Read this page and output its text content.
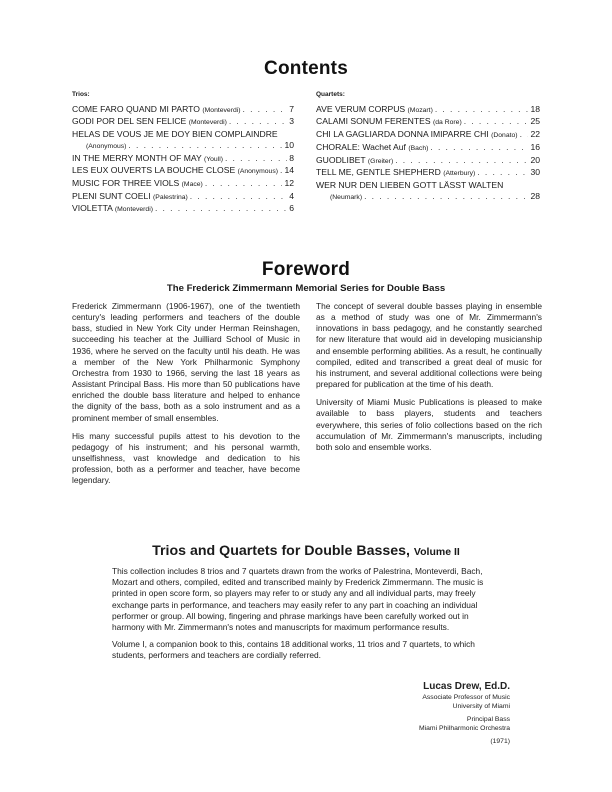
Contents
Trios:
COME FARO QUAND MI PARTO (Monteverdi) . . .	7
GODI POR DEL SEN FELICE (Monteverdi) . . .	3
HELAS DE VOUS JE ME DOY BIEN COMPLAINDRE
(Anonymous) . . .	10
IN THE MERRY MONTH OF MAY (Youll) . . .	8
LES EUX OUVERTS LA BOUCHE CLOSE (Anonymous) . . . 14
MUSIC FOR THREE VIOLS (Mace) . . .	12
PLENI SUNT COELI (Palestrina) . . .	4
VIOLETTA (Monteverdi) . . .	6
Quartets:
AVE VERUM CORPUS (Mozart) . . .	18
CALAMI SONUM FERENTES (da Rore) . . .	25
CHI LA GAGLIARDA DONNA IMIPARRE CHI (Donato) . . . 22
CHORALE: Wachet Auf (Bach) . . .	16
GUODLIBET (Greiter) . . .	20
TELL ME, GENTLE SHEPHERD (Atterbury) . . .	30
WER NUR DEN LIEBEN GOTT LÄSST WALTEN
(Neumark) . . .	28
Foreword
The Frederick Zimmermann Memorial Series for Double Bass

Frederick Zimmermann (1906-1967), one of the twentieth century's leading performers and teachers of the double bass, studied in New York City under Herman Reinshagen, succeeding his teacher at the Juilliard School of Music in 1936, where he served on the faculty until his death. He was a member of the New York Philharmonic Symphony Orchestra from 1930 to 1966, serving the last 18 years as Assistant Principal Bass. His more than 50 publications have enriched the double bass literature and helped to enhance the dignity of the bass, both as a solo instrument and as a prominent member of small ensembles.

His many successful pupils attest to his devotion to the pedagogy of his instrument; and his personal warmth, unselfishness, vast knowledge and dedication to his profession, both as a performer and teacher, have become legendary.

The concept of several double basses playing in ensemble as a method of study was one of Mr. Zimmermann's innovations in bass pedagogy, and he constantly searched for new literature that would aid in developing musicianship and ensemble performing abilities. As a result, he continually compiled, edited and transcribed a great deal of music for his instrument, and several additional collections were being prepared for publication at the time of his death.

University of Miami Music Publications is pleased to make available to bass players, students and teachers everywhere, this series of folio collections based on the rich accumulation of Mr. Zimmermann's manuscripts, including both solo and ensemble works.

Trios and Quartets for Double Basses, Volume II

This collection includes 8 trios and 7 quartets drawn from the works of Palestrina, Monteverdi, Bach, Mozart and others, compiled, edited and transcribed mainly by Frederick Zimmermann. The music is printed in open score form, so players may refer to or study any and all individual parts, may freely exchange parts in performance, and teachers may easily refer to any part in coaching an individual performer or group. All bowing, fingering and phrase markings have been carefully worked out in harmony with Mr. Zimmermann's notes and manuscripts for maximum performance results.

Volume I, a companion book to this, contains 18 additional works, 11 trios and 7 quartets, to which students, performers and teachers are cordially referred.

Lucas Drew, Ed.D.
Associate Professor of Music
University of Miami
Principal Bass
Miami Philharmonic Orchestra
(1971)
